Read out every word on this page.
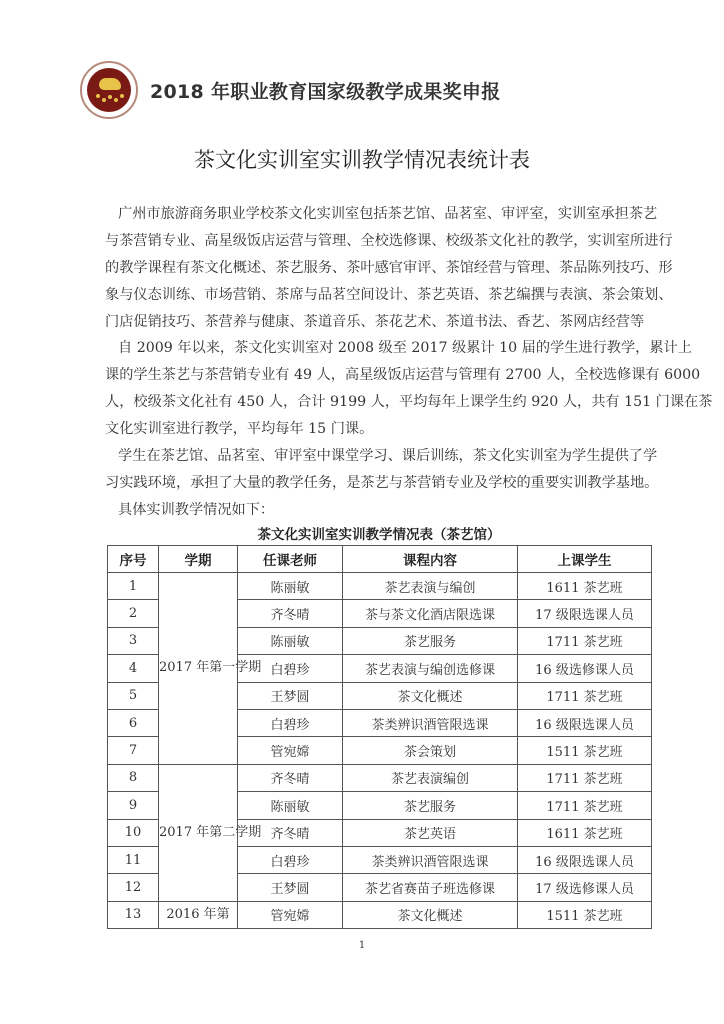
2018 年职业教育国家级教学成果奖申报
茶文化实训室实训教学情况表统计表
广州市旅游商务职业学校茶文化实训室包括茶艺馆、品茗室、审评室，实训室承担茶艺
与茶营销专业、高星级饭店运营与管理、全校选修课、校级茶文化社的教学，实训室所进行
的教学课程有茶文化概述、茶艺服务、茶叶感官审评、茶馆经营与管理、茶品陈列技巧、形
象与仪态训练、市场营销、茶席与品茗空间设计、茶艺英语、茶艺编撰与表演、茶会策划、
门店促销技巧、茶营养与健康、茶道音乐、茶花艺术、茶道书法、香艺、茶网店经营等
自 2009 年以来，茶文化实训室对 2008 级至 2017 级累计 10 届的学生进行教学，累计上
课的学生茶艺与茶营销专业有 49 人，高星级饭店运营与管理有 2700 人，全校选修课有 6000
人，校级茶文化社有 450 人，合计 9199 人，平均每年上课学生约 920 人，共有 151 门课在茶
文化实训室进行教学，平均每年 15 门课。
学生在茶艺馆、品茗室、审评室中课堂学习、课后训练，茶文化实训室为学生提供了学
习实践环境，承担了大量的教学任务，是茶艺与茶营销专业及学校的重要实训教学基地。
具体实训教学情况如下：
茶文化实训室实训教学情况表（茶艺馆）
序号	学期	任课老师	课程内容	上课学生
1	2017 年第一学期	陈丽敏	茶艺表演与编创	1611 茶艺班
2		齐冬晴	茶与茶文化酒店限选课	17 级限选课人员
3		陈丽敏	茶艺服务	1711 茶艺班
4		白碧珍	茶艺表演与编创选修课	16 级选修课人员
5		王梦圆	茶文化概述	1711 茶艺班
6		白碧珍	茶类辨识酒管限选课	16 级限选课人员
7		管宛嫦	茶会策划	1511 茶艺班
8	2017 年第二学期	齐冬晴	茶艺表演编创	1711 茶艺班
9		陈丽敏	茶艺服务	1711 茶艺班
10		齐冬晴	茶艺英语	1611 茶艺班
11		白碧珍	茶类辨识酒管限选课	16 级限选课人员
12		王梦圆	茶艺省赛苗子班选修课	17 级选修课人员
13	2016 年第	管宛嫦	茶文化概述	1511 茶艺班
1
